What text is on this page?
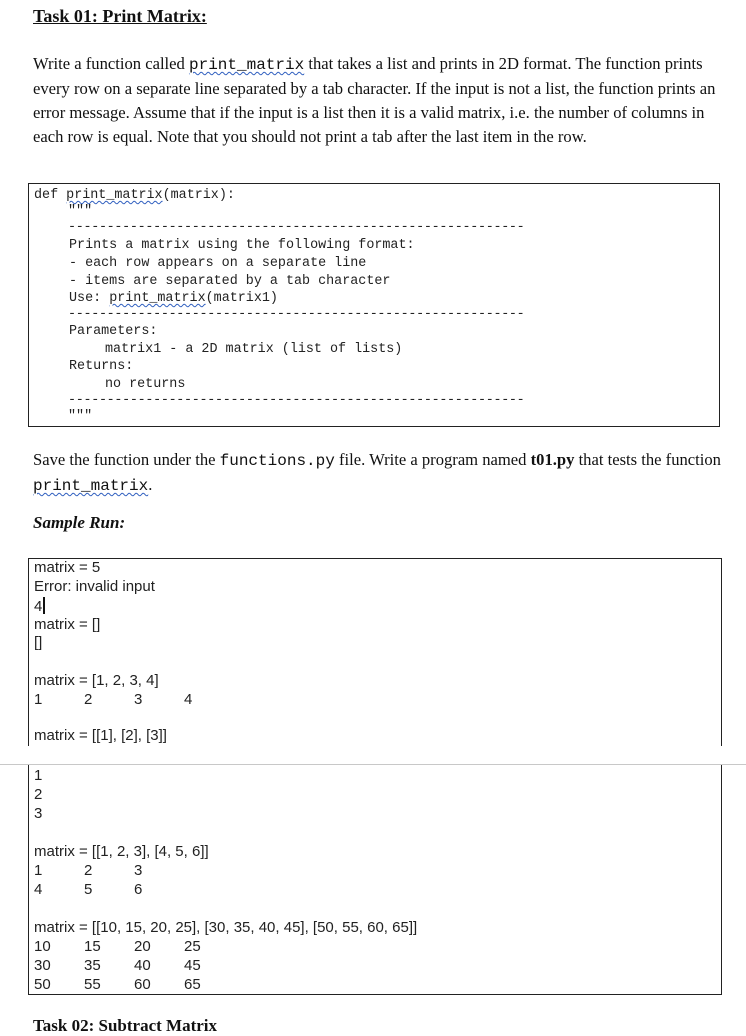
Task 01: Print Matrix:
Write a function called print_matrix that takes a list and prints in 2D format. The function prints every row on a separate line separated by a tab character. If the input is not a list, the function prints an error message. Assume that if the input is a list then it is a valid matrix, i.e. the number of columns in each row is equal. Note that you should not print a tab after the last item in the row.
def print_matrix(matrix):
"""
-----------------------------------------------------------
Prints a matrix using the following format:
- each row appears on a separate line
- items are separated by a tab character
Use: print_matrix(matrix1)
-----------------------------------------------------------
Parameters:
matrix1 - a 2D matrix (list of lists)
Returns:
no returns
-----------------------------------------------------------
"""
Save the function under the functions.py file. Write a program named t01.py that tests the function print_matrix.
Sample Run:
matrix = 5
Error: invalid input
4
matrix = []
[]
matrix = [1, 2, 3, 4]
1	2	3	4
matrix = [[1], [2], [3]]
1
2
3
matrix = [[1, 2, 3], [4, 5, 6]]
1	2	3
4	5	6
matrix = [[10, 15, 20, 25], [30, 35, 40, 45], [50, 55, 60, 65]]
10 15 20 25
30 35 40 45
50 55 60 65
Task 02: Subtract Matrix
